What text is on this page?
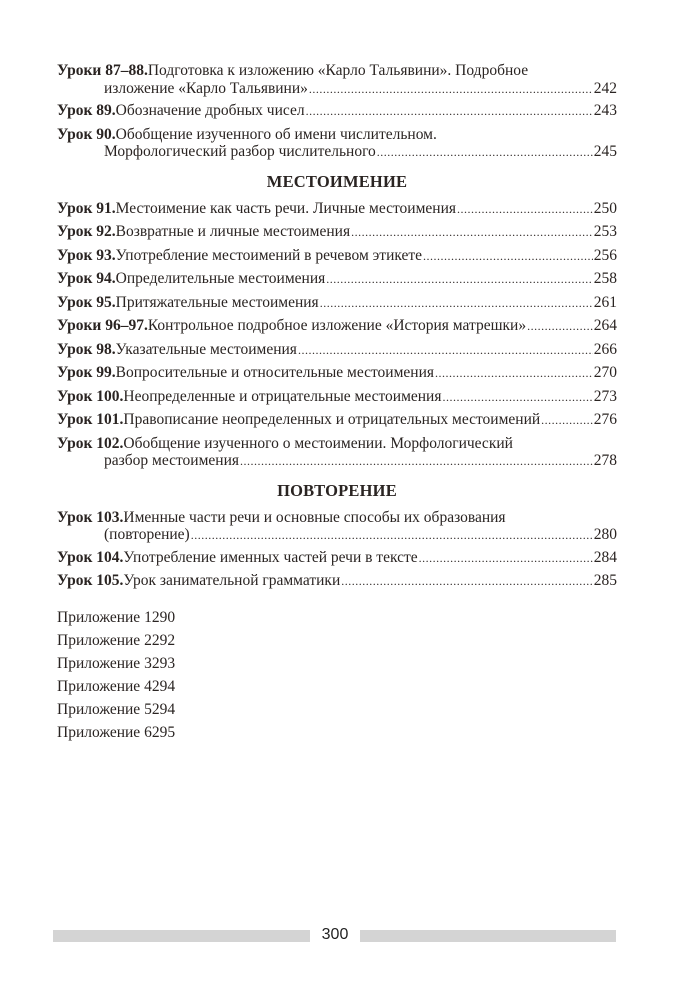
Уроки 87–88. Подготовка к изложению «Карло Тальявини». Подробное
изложение «Карло Тальявини» .....	242
Урок 89. Обозначение дробных чисел .....	243
Урок 90. Обобщение изученного об имени числительном.
Морфологический разбор числительного .....	245
МЕСТОИМЕНИЕ
Урок 91. Местоимение как часть речи. Личные местоимения .....	250
Урок 92. Возвратные и личные местоимения .....	253
Урок 93. Употребление местоимений в речевом этикете .....	256
Урок 94. Определительные местоимения .....	258
Урок 95. Притяжательные местоимения .....	261
Уроки 96–97. Контрольное подробное изложение «История матрешки» .....	264
Урок 98. Указательные местоимения .....	266
Урок 99. Вопросительные и относительные местоимения .....	270
Урок 100. Неопределенные и отрицательные местоимения .....	273
Урок 101. Правописание неопределенных и отрицательных местоимений .....	276
Урок 102. Обобщение изученного о местоимении. Морфологический
разбор местоимения .....	278
ПОВТОРЕНИЕ
Урок 103. Именные части речи и основные способы их образования
(повторение) .....	280
Урок 104. Употребление именных частей речи в тексте .....	284
Урок 105. Урок занимательной грамматики .....	285
Приложение 1 290
Приложение 2 292
Приложение 3 293
Приложение 4 294
Приложение 5 294
Приложение 6 295
300
